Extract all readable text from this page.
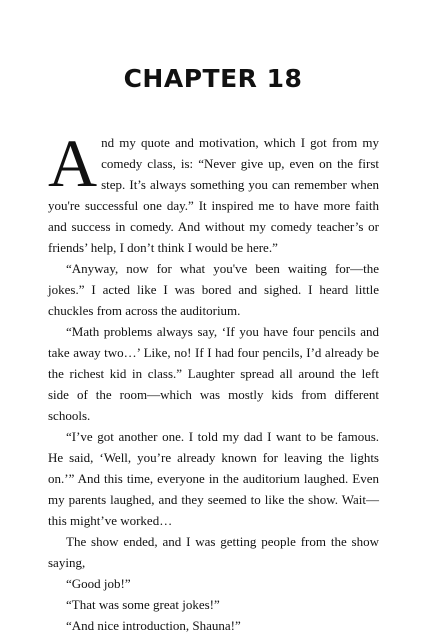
CHAPTER 18

And my quote and motivation, which I got from my comedy class, is: “Never give up, even on the first step. It’s always something you can remember when you're successful one day.” It inspired me to have more faith and success in comedy. And without my comedy teacher’s or friends’ help, I don’t think I would be here.”

“Anyway, now for what you've been waiting for—the jokes.” I acted like I was bored and sighed. I heard little chuckles from across the auditorium.

“Math problems always say, ‘If you have four pencils and take away two…’ Like, no! If I had four pencils, I’d already be the richest kid in class.” Laughter spread all around the left side of the room—which was mostly kids from different schools.

“I’ve got another one. I told my dad I want to be famous. He said, ‘Well, you’re already known for leaving the lights on.’” And this time, everyone in the auditorium laughed. Even my parents laughed, and they seemed to like the show. Wait—this might’ve worked…

The show ended, and I was getting people from the show saying,

“Good job!”

“That was some great jokes!”

“And nice introduction, Shauna!”
